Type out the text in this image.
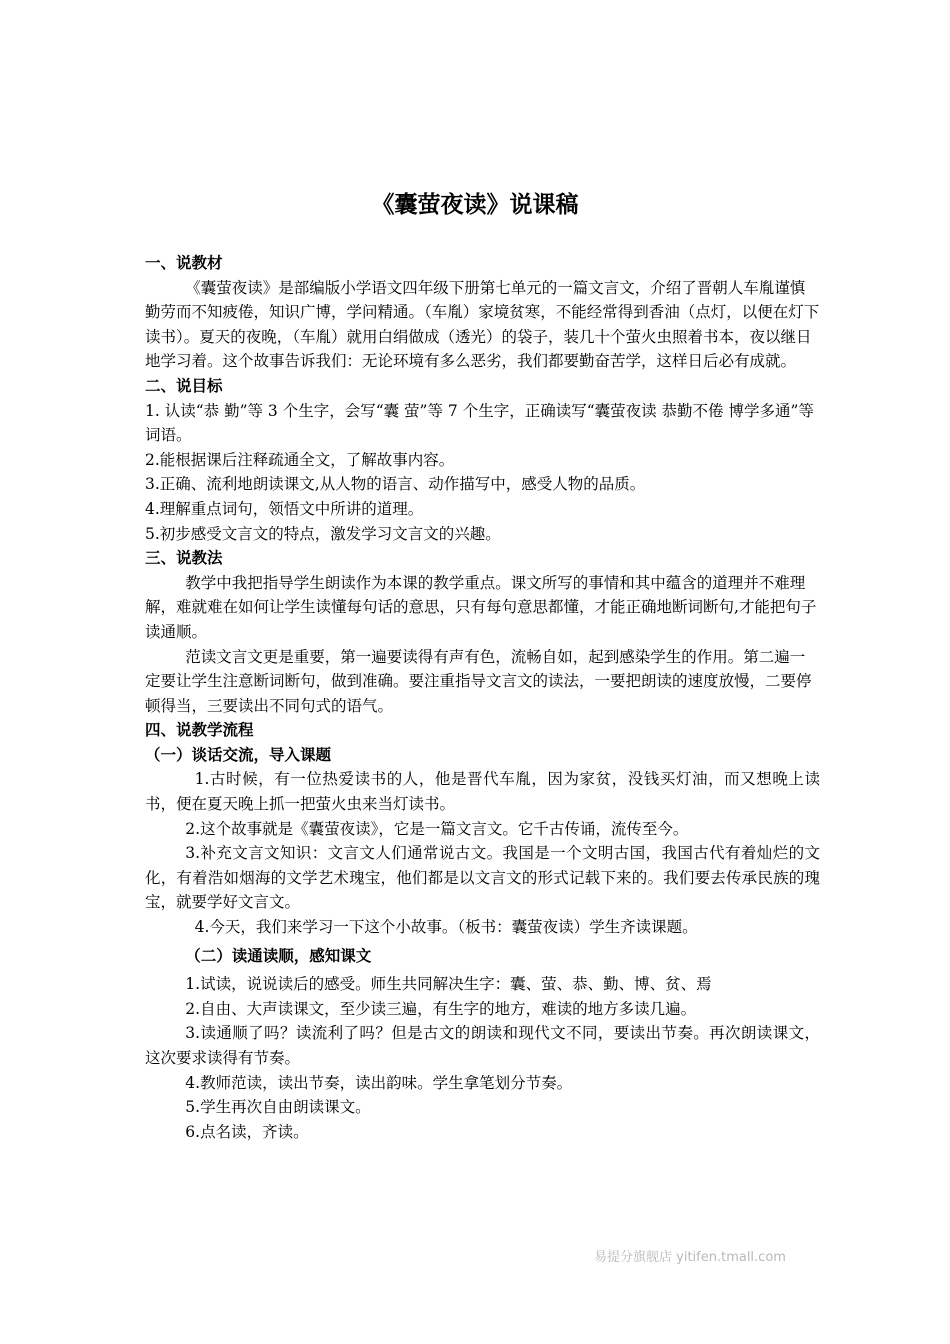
《囊萤夜读》说课稿

一、说教材

《囊萤夜读》是部编版小学语文四年级下册第七单元的一篇文言文，介绍了晋朝人车胤谨慎勤劳而不知疲倦，知识广博，学问精通。（车胤）家境贫寒，不能经常得到香油（点灯，以便在灯下读书）。夏天的夜晚，（车胤）就用白绢做成（透光）的袋子，装几十个萤火虫照着书本，夜以继日地学习着。这个故事告诉我们：无论环境有多么恶劣，我们都要勤奋苦学，这样日后必有成就。

二、说目标

1. 认读“恭 勤”等 3 个生字，会写“囊 萤”等 7 个生字，正确读写“囊萤夜读 恭勤不倦 博学多通”等词语。

2.能根据课后注释疏通全文，了解故事内容。

3.正确、流利地朗读课文,从人物的语言、动作描写中，感受人物的品质。

4.理解重点词句，领悟文中所讲的道理。

5.初步感受文言文的特点，激发学习文言文的兴趣。

三、说教法

教学中我把指导学生朗读作为本课的教学重点。课文所写的事情和其中蕴含的道理并不难理解，难就难在如何让学生读懂每句话的意思，只有每句意思都懂，才能正确地断词断句,才能把句子读通顺。

范读文言文更是重要，第一遍要读得有声有色，流畅自如，起到感染学生的作用。第二遍一定要让学生注意断词断句，做到准确。要注重指导文言文的读法，一要把朗读的速度放慢，二要停顿得当，三要读出不同句式的语气。

四、说教学流程

（一）谈话交流，导入课题

1.古时候，有一位热爱读书的人，他是晋代车胤，因为家贫，没钱买灯油，而又想晚上读书，便在夏天晚上抓一把萤火虫来当灯读书。

2.这个故事就是《囊萤夜读》，它是一篇文言文。它千古传诵，流传至今。

3.补充文言文知识：文言文人们通常说古文。我国是一个文明古国，我国古代有着灿烂的文化，有着浩如烟海的文学艺术瑰宝，他们都是以文言文的形式记载下来的。我们要去传承民族的瑰宝，就要学好文言文。

4.今天，我们来学习一下这个小故事。（板书：囊萤夜读）学生齐读课题。

（二）读通读顺，感知课文

1.试读，说说读后的感受。师生共同解决生字：囊、萤、恭、勤、博、贫、焉

2.自由、大声读课文，至少读三遍，有生字的地方，难读的地方多读几遍。

3.读通顺了吗？读流利了吗？但是古文的朗读和现代文不同，要读出节奏。再次朗读课文，这次要求读得有节奏。

4.教师范读，读出节奏，读出韵味。学生拿笔划分节奏。

5.学生再次自由朗读课文。

6.点名读，齐读。

易提分旗舰店 yitifen.tmall.com
